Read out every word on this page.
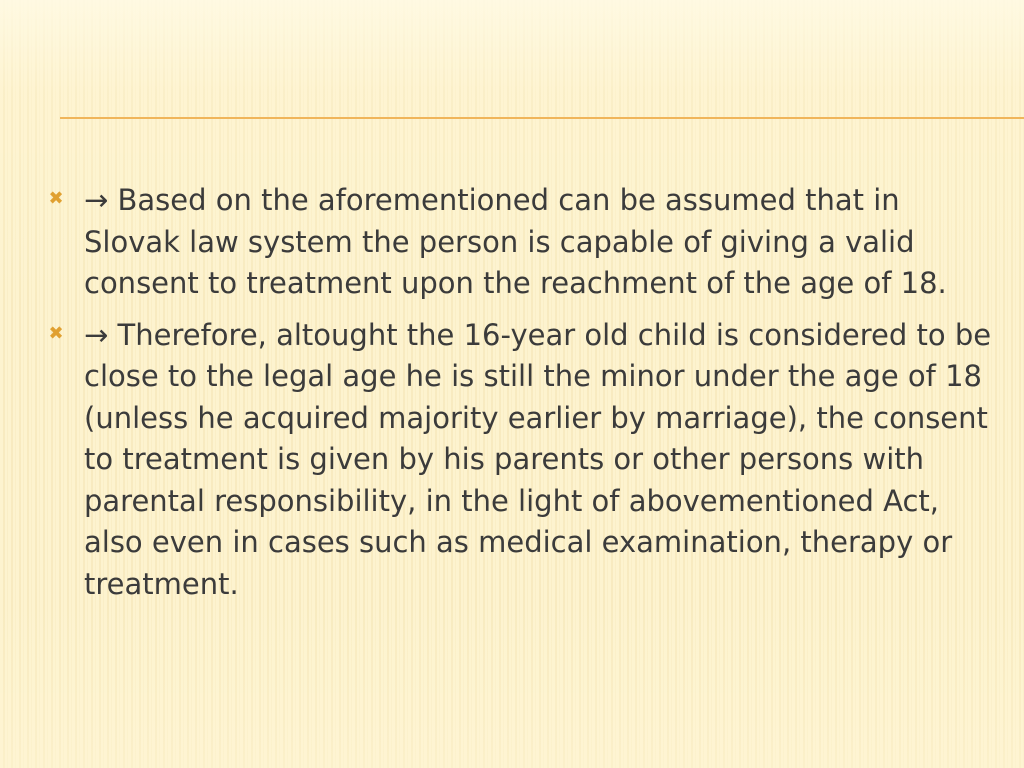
✖ → Based on the aforementioned can be assumed that in Slovak law system the person is capable of giving a valid consent to treatment upon the reachment of the age of 18.
✖ → Therefore, altought the 16-year old child is considered to be close to the legal age he is still the minor under the age of 18 (unless he acquired majority earlier by marriage), the consent to treatment is given by his parents or other persons with parental responsibility, in the light of abovementioned Act, also even in cases such as medical examination, therapy or treatment.
